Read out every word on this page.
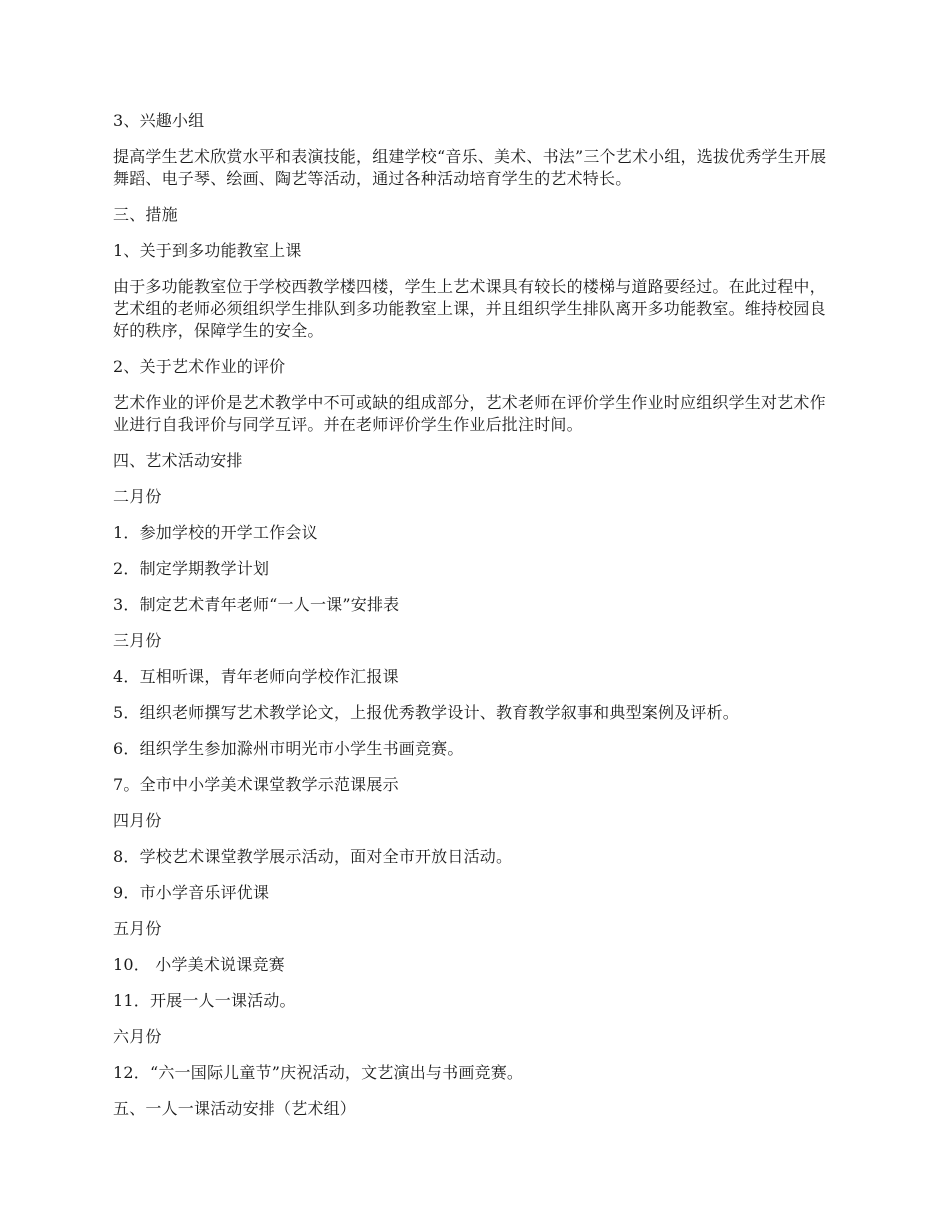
3、兴趣小组

提高学生艺术欣赏水平和表演技能，组建学校“音乐、美术、书法”三个艺术小组，选拔优秀学生开展舞蹈、电子琴、绘画、陶艺等活动，通过各种活动培育学生的艺术特长。

三、措施

1、关于到多功能教室上课

由于多功能教室位于学校西教学楼四楼，学生上艺术课具有较长的楼梯与道路要经过。在此过程中，艺术组的老师必须组织学生排队到多功能教室上课，并且组织学生排队离开多功能教室。维持校园良好的秩序，保障学生的安全。

2、关于艺术作业的评价

艺术作业的评价是艺术教学中不可或缺的组成部分，艺术老师在评价学生作业时应组织学生对艺术作业进行自我评价与同学互评。并在老师评价学生作业后批注时间。

四、艺术活动安排

二月份

1．参加学校的开学工作会议

2．制定学期教学计划

3．制定艺术青年老师“一人一课”安排表

三月份

4．互相听课，青年老师向学校作汇报课

5．组织老师撰写艺术教学论文，上报优秀教学设计、教育教学叙事和典型案例及评析。

6．组织学生参加滁州市明光市小学生书画竞赛。

7。全市中小学美术课堂教学示范课展示

四月份

8．学校艺术课堂教学展示活动，面对全市开放日活动。

9．市小学音乐评优课

五月份

10． 小学美术说课竞赛

11．开展一人一课活动。

六月份

12．“六一国际儿童节”庆祝活动，文艺演出与书画竞赛。

五、一人一课活动安排（艺术组）
